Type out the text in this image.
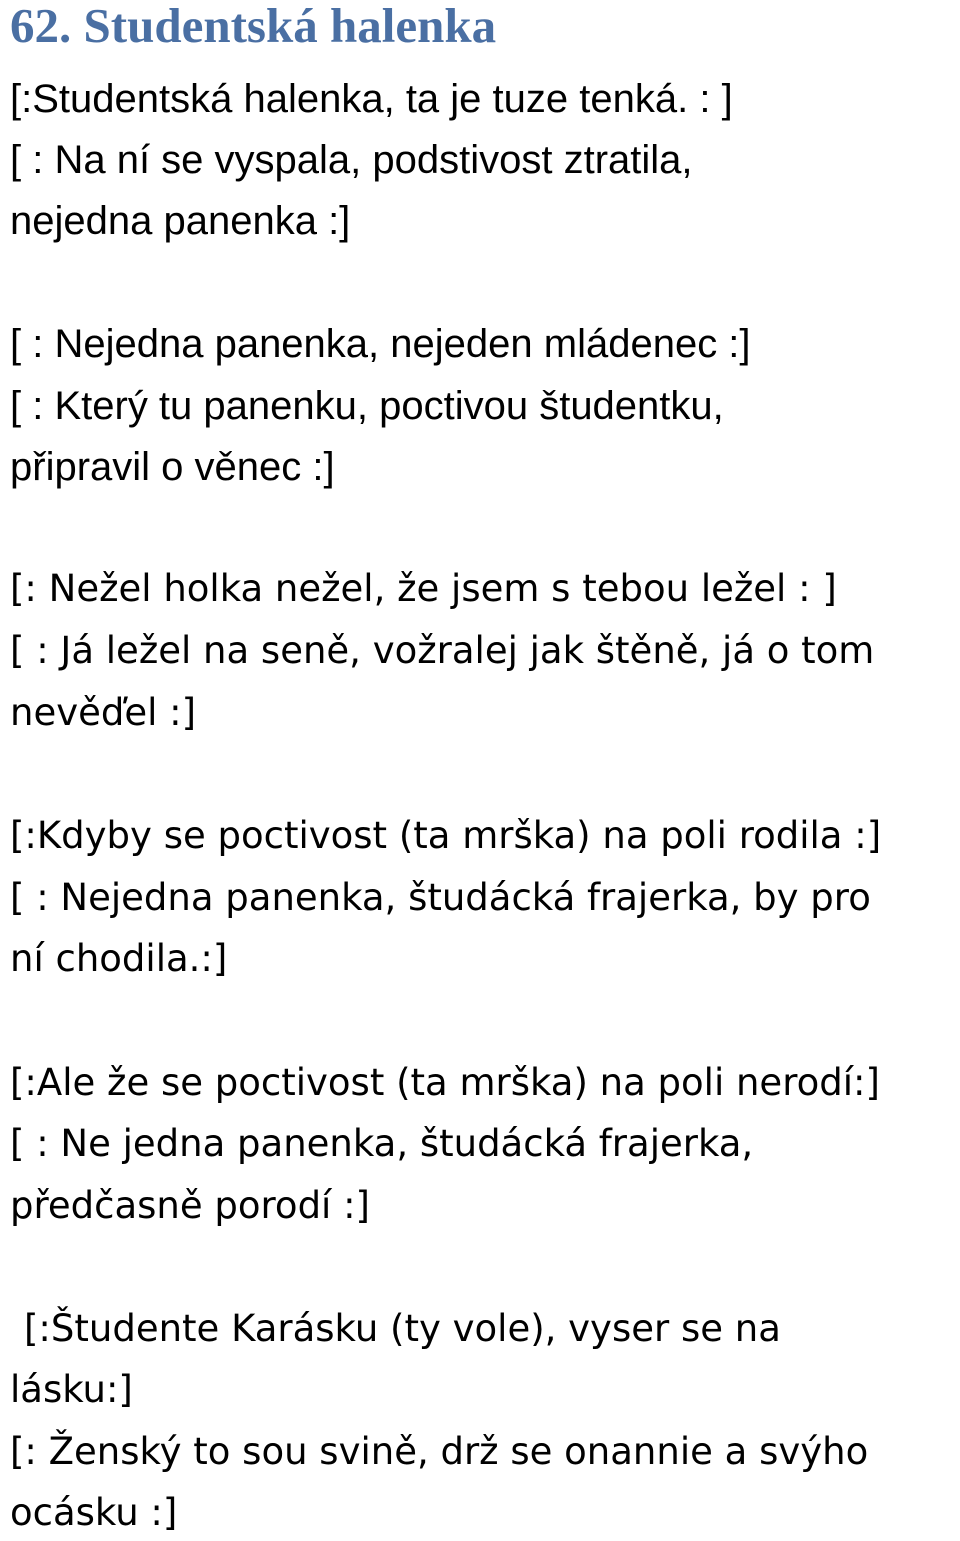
62. Studentská halenka

[:Studentská halenka, ta je tuze tenká. : ]

[ : Na ní se vyspala, podstivost ztratila,

nejedna panenka :]

[ : Nejedna panenka, nejeden mládenec :]

[ : Který tu panenku, poctivou študentku,

připravil o věnec :]

[: Nežel holka nežel, že jsem s tebou ležel : ]

[ : Já ležel na seně, vožralej jak štěně, já o tom

nevěďel :]

[:Kdyby se poctivost (ta mrška) na poli rodila :]

[ : Nejedna panenka, študácká frajerka, by pro

ní chodila.:]

[:Ale že se poctivost (ta mrška) na poli nerodí:]

[ : Ne jedna panenka, študácká frajerka,

předčasně porodí :]

[:Študente Karásku (ty vole), vyser se na

lásku:]

[: Ženský to sou svině, drž se onannie a svýho

ocásku :]
